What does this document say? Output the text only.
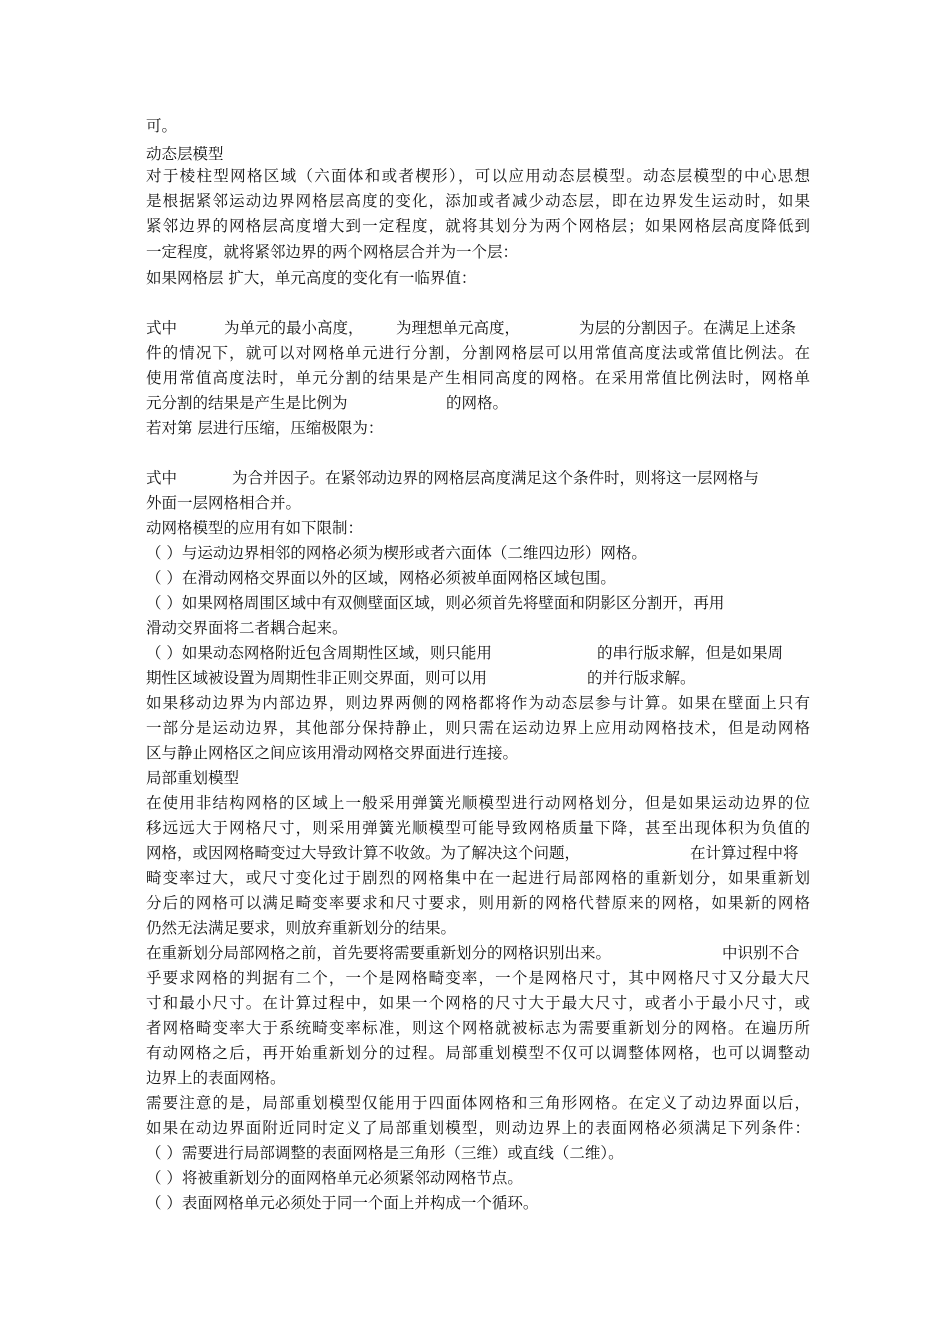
可。
动态层模型
对于棱柱型网格区域（六面体和或者楔形），可以应用动态层模型。动态层模型的中心思想
是根据紧邻运动边界网格层高度的变化，添加或者减少动态层，即在边界发生运动时，如果
紧邻边界的网格层高度增大到一定程度，就将其划分为两个网格层；如果网格层高度降低到
一定程度，就将紧邻边界的两个网格层合并为一个层：
如果网格层 扩大，单元高度的变化有一临界值：
式中	为单元的最小高度， 为理想单元高度，	为层的分割因子。在满足上述条
件的情况下，就可以对网格单元进行分割，分割网格层可以用常值高度法或常值比例法。在
使用常值高度法时，单元分割的结果是产生相同高度的网格。在采用常值比例法时，网格单
元分割的结果是产生是比例为	的网格。
若对第 层进行压缩，压缩极限为：
式中	为合并因子。在紧邻动边界的网格层高度满足这个条件时，则将这一层网格与
外面一层网格相合并。
动网格模型的应用有如下限制：
（ ）与运动边界相邻的网格必须为楔形或者六面体（二维四边形）网格。
（ ）在滑动网格交界面以外的区域，网格必须被单面网格区域包围。
（ ）如果网格周围区域中有双侧壁面区域，则必须首先将壁面和阴影区分割开，再用
滑动交界面将二者耦合起来。
（ ）如果动态网格附近包含周期性区域，则只能用	的串行版求解，但是如果周
期性区域被设置为周期性非正则交界面，则可以用	的并行版求解。
如果移动边界为内部边界，则边界两侧的网格都将作为动态层参与计算。如果在壁面上只有
一部分是运动边界，其他部分保持静止，则只需在运动边界上应用动网格技术，但是动网格
区与静止网格区之间应该用滑动网格交界面进行连接。
局部重划模型
在使用非结构网格的区域上一般采用弹簧光顺模型进行动网格划分，但是如果运动边界的位
移远远大于网格尺寸，则采用弹簧光顺模型可能导致网格质量下降，甚至出现体积为负值的
网格，或因网格畸变过大导致计算不收敛。为了解决这个问题，	在计算过程中将
畸变率过大，或尺寸变化过于剧烈的网格集中在一起进行局部网格的重新划分，如果重新划
分后的网格可以满足畸变率要求和尺寸要求，则用新的网格代替原来的网格，如果新的网格
仍然无法满足要求，则放弃重新划分的结果。
在重新划分局部网格之前，首先要将需要重新划分的网格识别出来。	中识别不合
乎要求网格的判据有二个，一个是网格畸变率，一个是网格尺寸，其中网格尺寸又分最大尺
寸和最小尺寸。在计算过程中，如果一个网格的尺寸大于最大尺寸，或者小于最小尺寸，或
者网格畸变率大于系统畸变率标准，则这个网格就被标志为需要重新划分的网格。在遍历所
有动网格之后，再开始重新划分的过程。局部重划模型不仅可以调整体网格，也可以调整动
边界上的表面网格。
需要注意的是，局部重划模型仅能用于四面体网格和三角形网格。在定义了动边界面以后，
如果在动边界面附近同时定义了局部重划模型，则动边界上的表面网格必须满足下列条件：
（ ）需要进行局部调整的表面网格是三角形（三维）或直线（二维）。
（ ）将被重新划分的面网格单元必须紧邻动网格节点。
（ ）表面网格单元必须处于同一个面上并构成一个循环。
